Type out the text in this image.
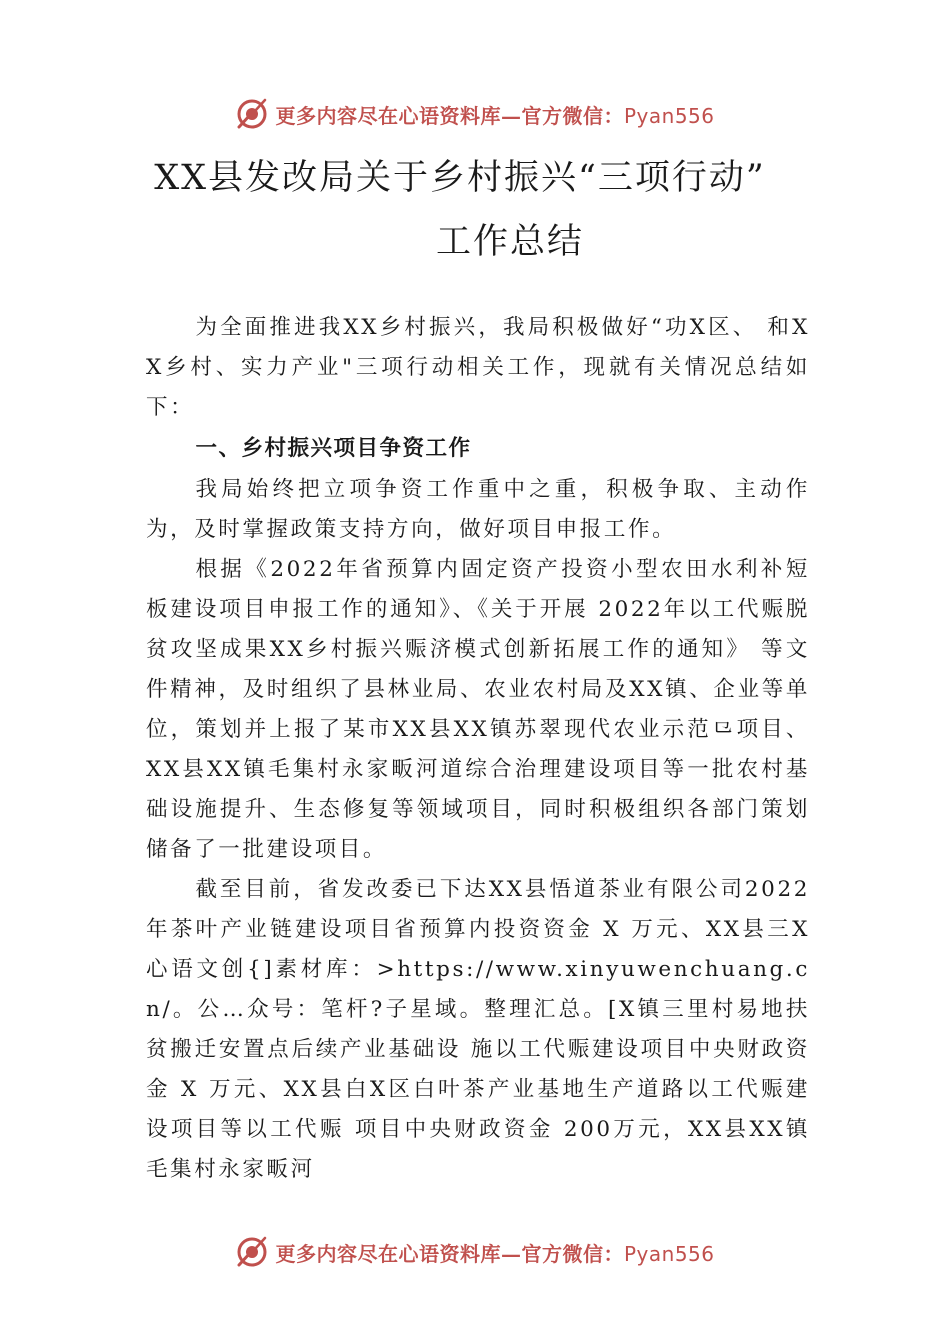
更多内容尽在心语资料库—官方微信：Pyan556
XX县发改局关于乡村振兴“三项行动”
工作总结

为全面推进我XX乡村振兴，我局积极做好“功X区、 和XX乡村、实力产业"三项行动相关工作，现就有关情况总结如下：

一、乡村振兴项目争资工作

我局始终把立项争资工作重中之重，积极争取、主动作为，及时掌握政策支持方向，做好项目申报工作。

根据《2022年省预算内固定资产投资小型农田水利补短板建设项目申报工作的通知》、《关于开展 2022年以工代赈脱贫攻坚成果XX乡村振兴赈济模式创新拓展工作的通知》 等文件精神，及时组织了县林业局、农业农村局及XX镇、企业等单位，策划并上报了某市XX县XX镇苏翠现代农业示范⺋项目、XX县XX镇毛集村永家畈河道综合治理建设项目等一批农村基础设施提升、生态修复等领域项目，同时积极组织各部门策划储备了一批建设项目。

截至目前，省发改委已下达XX县悟道茶业有限公司2022 年茶叶产业链建设项目省预算内投资资金 X 万元、XX县三X心语文创{]素材库：>https://www.xinyuwenchuang.cn/。公…众号：笔杆?子星域。整理汇总。[X镇三里村易地扶贫搬迁安置点后续产业基础设 施以工代赈建设项目中央财政资金 X 万元、XX县白X区白叶茶产业基地生产道路以工代赈建设项目等以工代赈 项目中央财政资金 200万元，XX县XX镇毛集村永家畈河

更多内容尽在心语资料库—官方微信：Pyan556
